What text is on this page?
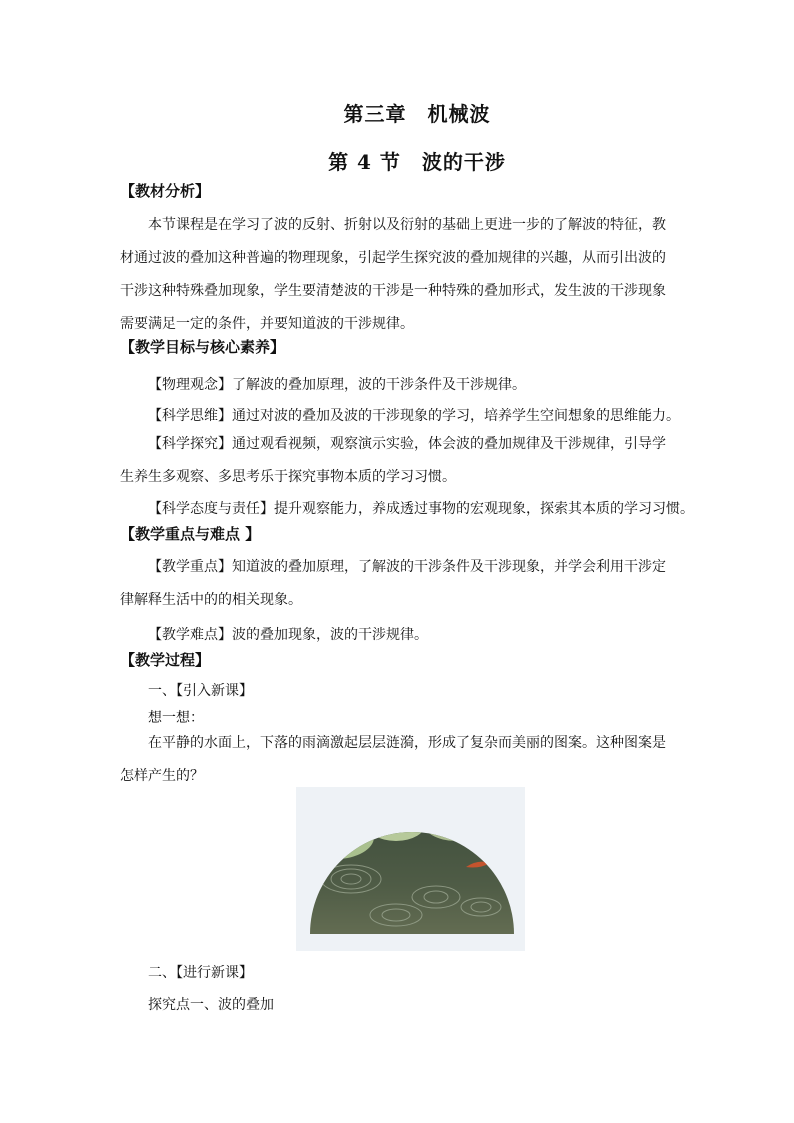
第三章　机械波
第 4 节　波的干涉
【教材分析】
本节课程是在学习了波的反射、折射以及衍射的基础上更进一步的了解波的特征，教材通过波的叠加这种普遍的物理现象，引起学生探究波的叠加规律的兴趣，从而引出波的干涉这种特殊叠加现象，学生要清楚波的干涉是一种特殊的叠加形式，发生波的干涉现象需要满足一定的条件，并要知道波的干涉规律。
【教学目标与核心素养】
【物理观念】了解波的叠加原理，波的干涉条件及干涉规律。
【科学思维】通过对波的叠加及波的干涉现象的学习，培养学生空间想象的思维能力。
【科学探究】通过观看视频，观察演示实验，体会波的叠加规律及干涉规律，引导学生养生多观察、多思考乐于探究事物本质的学习习惯。
【科学态度与责任】提升观察能力，养成透过事物的宏观现象，探索其本质的学习习惯。
【教学重点与难点 】
【教学重点】知道波的叠加原理，了解波的干涉条件及干涉现象，并学会利用干涉定律解释生活中的的相关现象。
【教学难点】波的叠加现象，波的干涉规律。
【教学过程】
一、【引入新课】
想一想：
在平静的水面上，下落的雨滴激起层层涟漪，形成了复杂而美丽的图案。这种图案是怎样产生的？
二、【进行新课】
探究点一、波的叠加
